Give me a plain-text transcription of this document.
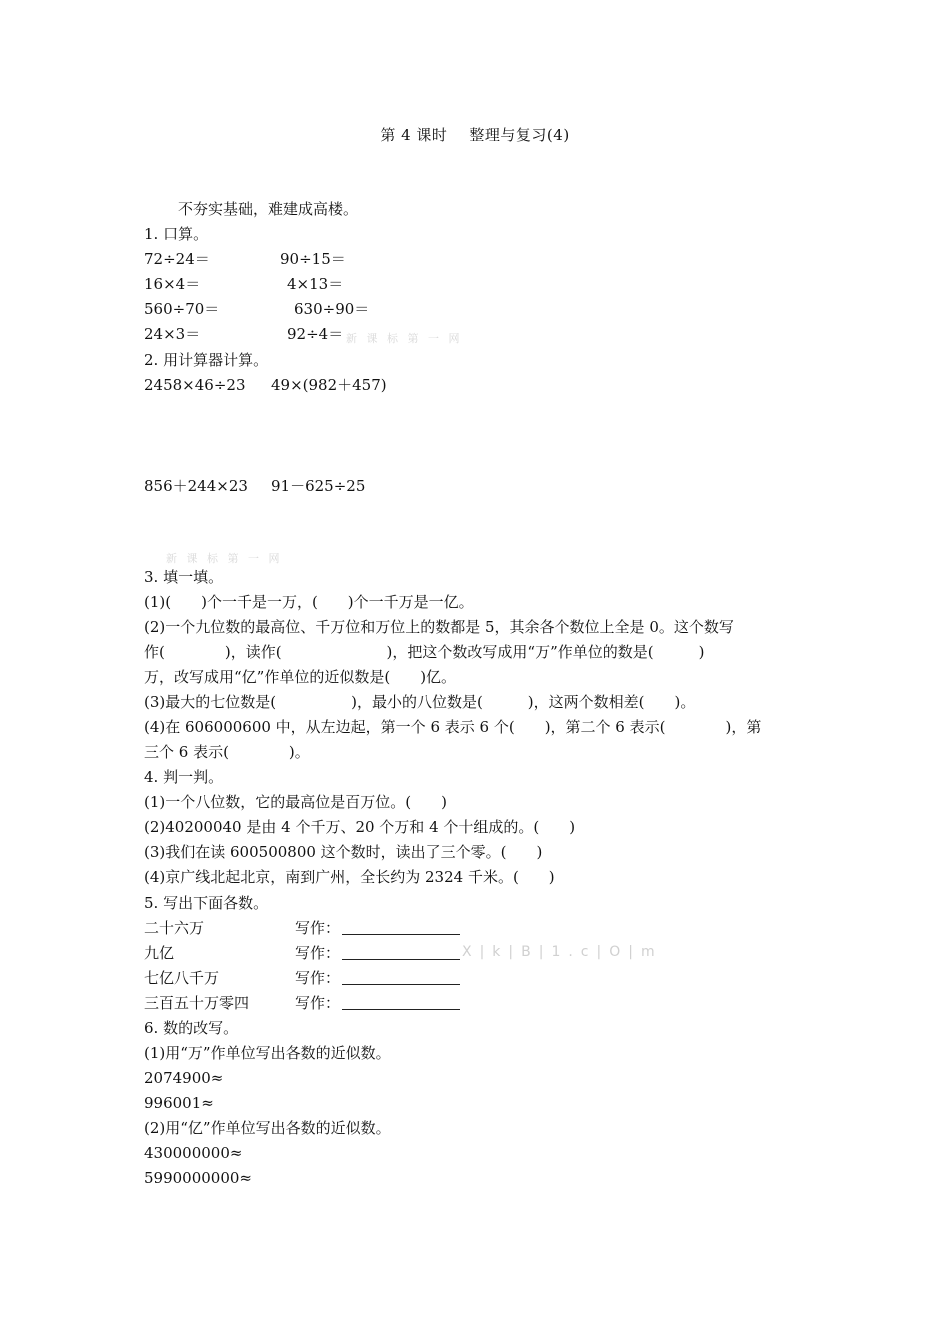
第 4 课时 整理与复习(4)
不夯实基础，难建成高楼。
1. 口算。
72÷24＝	90÷15＝
16×4＝	4×13＝
560÷70＝	630÷90＝
24×3＝	92÷4＝ 新 课 标 第 一 网
2. 用计算器计算。
2458×46÷23 49×(982＋457)
856＋244×23 91－625÷25
新 课 标 第 一 网
3. 填一填。
(1)(　　)个一千是一万，(　　)个一千万是一亿。
(2)一个九位数的最高位、千万位和万位上的数都是 5，其余各个数位上全是 0。这个数写
作(　　　　)，读作(　　　　　　　)，把这个数改写成用“万”作单位的数是(　　　)
万，改写成用“亿”作单位的近似数是(　　)亿。
(3)最大的七位数是(　　　　　)，最小的八位数是(　　　)，这两个数相差(　　)。
(4)在 606000600 中，从左边起，第一个 6 表示 6 个(　　)，第二个 6 表示(　　　　)，第
三个 6 表示(　　　　)。
4. 判一判。
(1)一个八位数，它的最高位是百万位。(　　)
(2)40200040 是由 4 个千万、20 个万和 4 个十组成的。(　　)
(3)我们在读 600500800 这个数时，读出了三个零。(　　)
(4)京广线北起北京，南到广州，全长约为 2324 千米。(　　)
5. 写出下面各数。
二十六万	写作：
九亿	写作：	X|k|B|1.c|O|m
七亿八千万	写作：
三百五十万零四	写作：
6. 数的改写。
(1)用“万”作单位写出各数的近似数。
2074900≈
996001≈
(2)用“亿”作单位写出各数的近似数。
430000000≈
5990000000≈
